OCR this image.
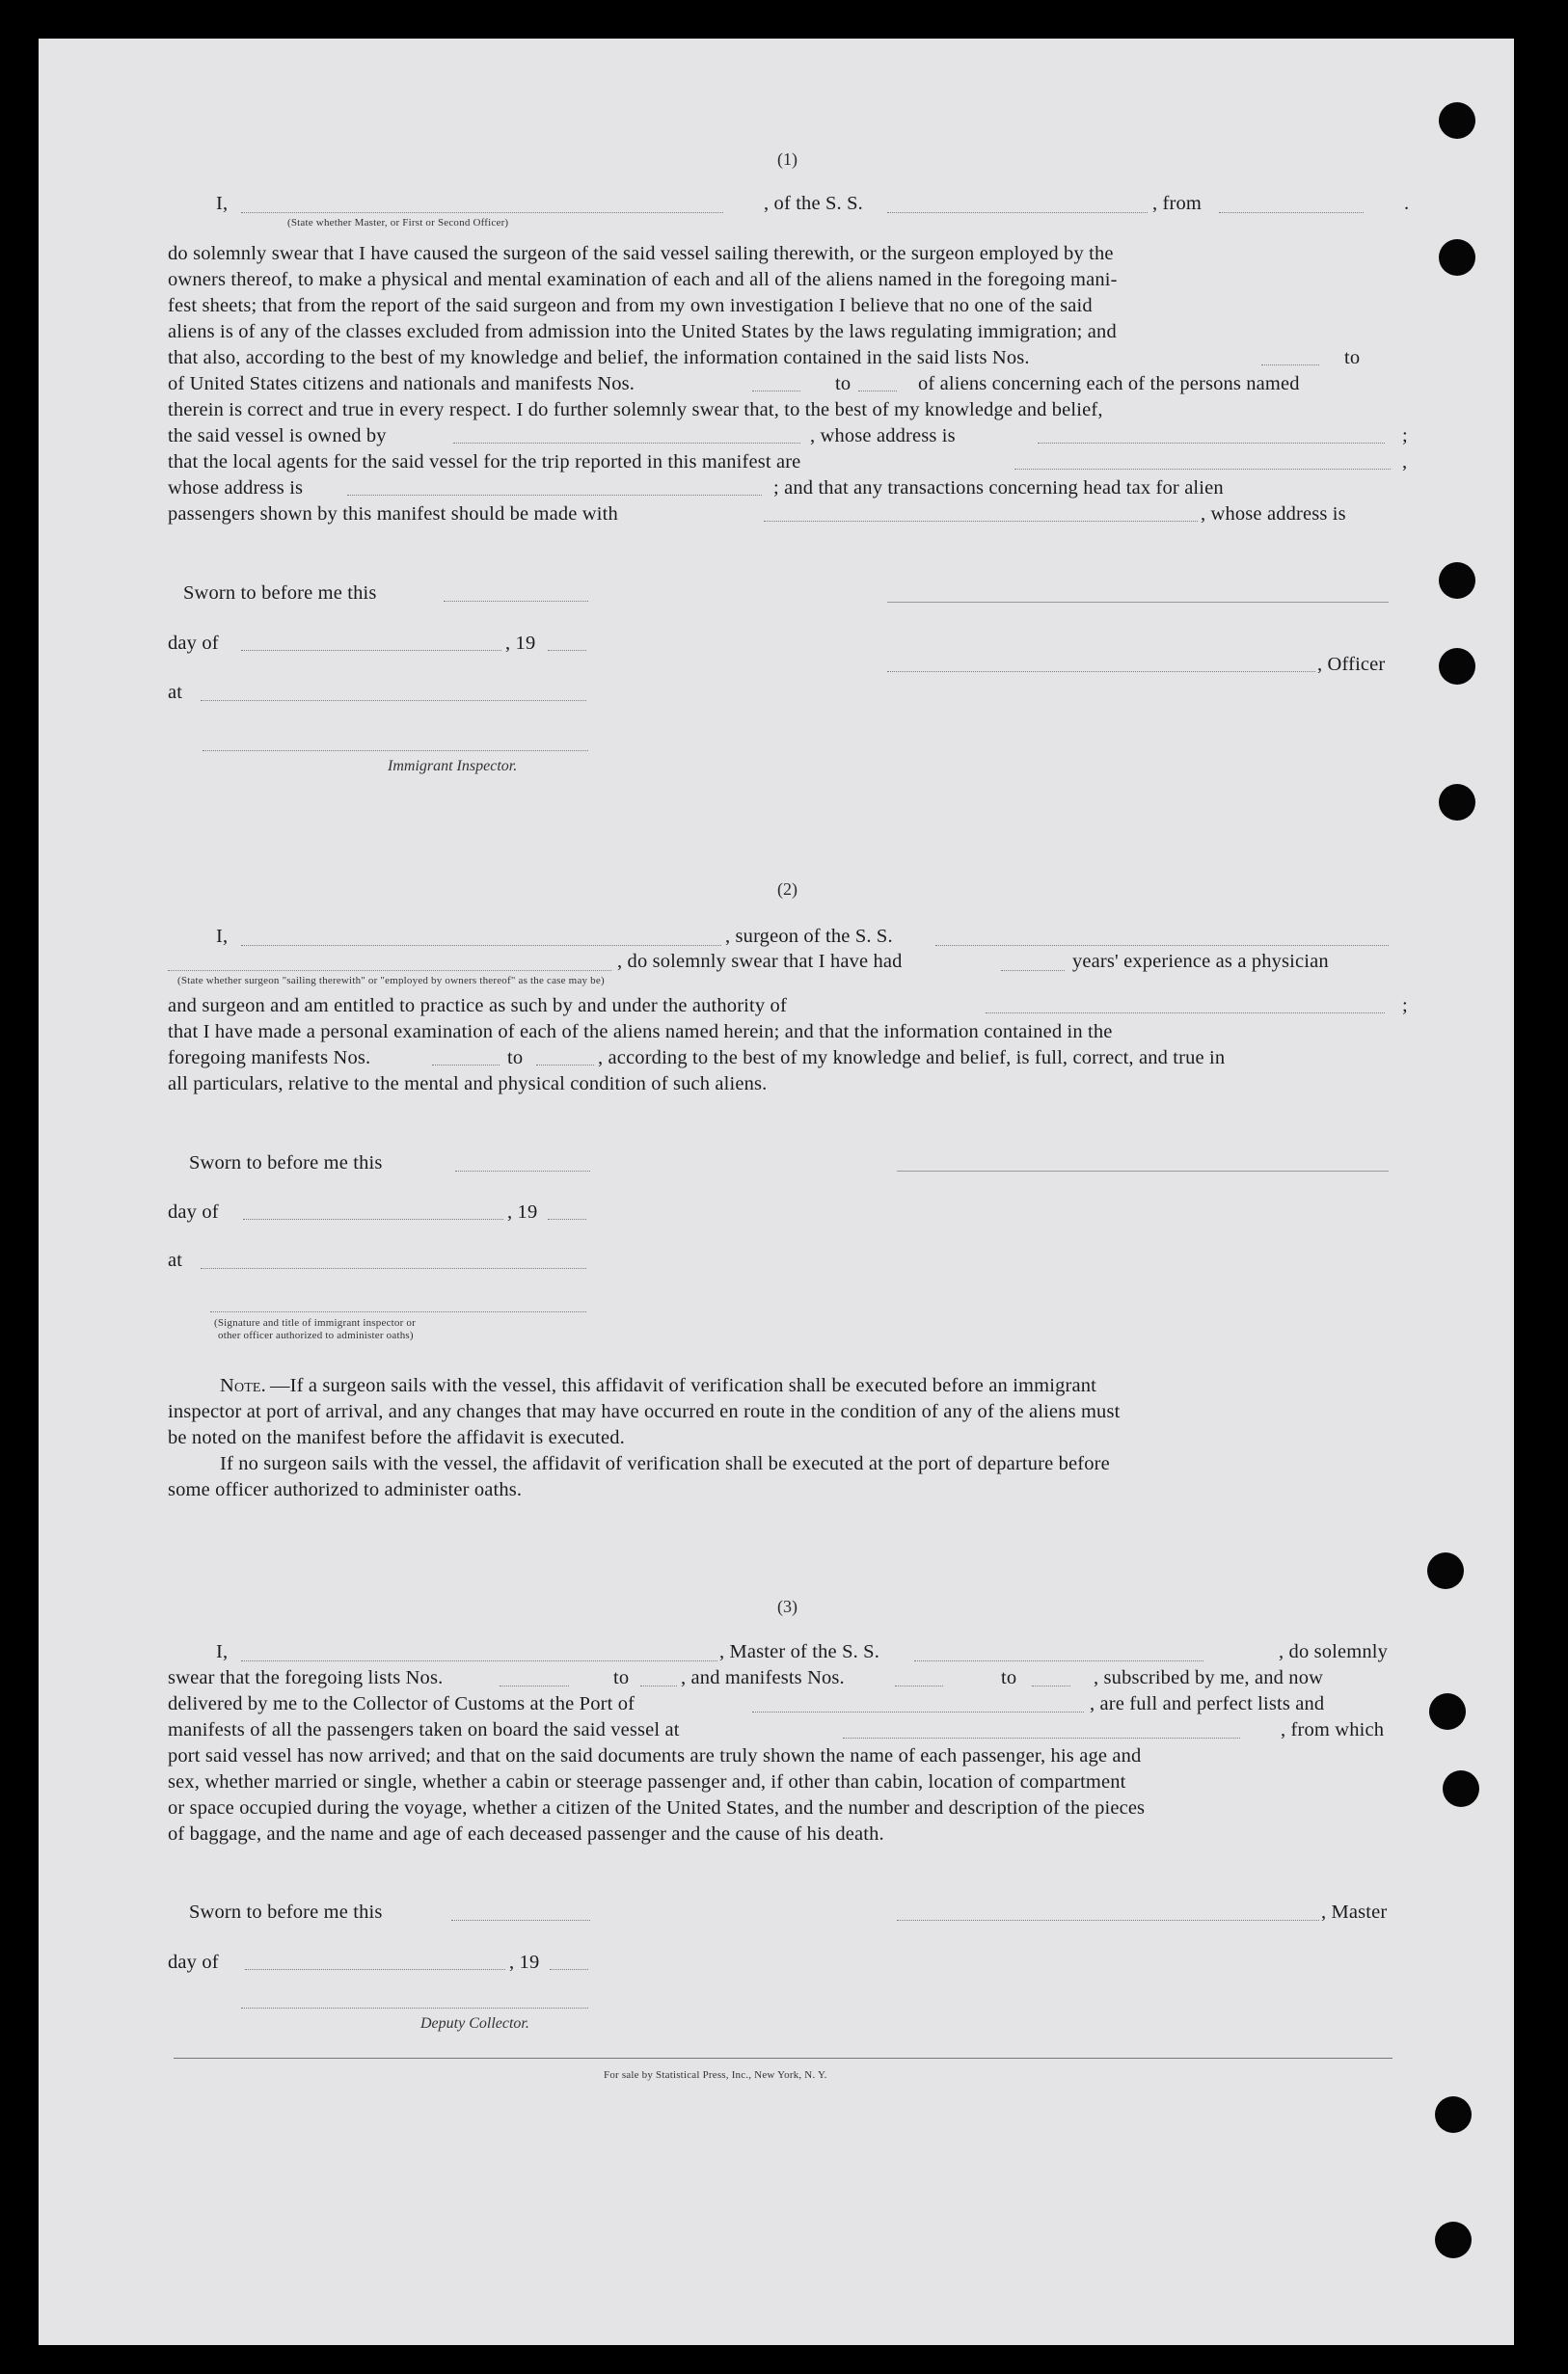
(1)
I,	, of the S. S.	, from	.
(State whether Master, or First or Second Officer)
do solemnly swear that I have caused the surgeon of the said vessel sailing therewith, or the surgeon employed by the
owners thereof, to make a physical and mental examination of each and all of the aliens named in the foregoing mani-
fest sheets; that from the report of the said surgeon and from my own investigation I believe that no one of the said
aliens is of any of the classes excluded from admission into the United States by the laws regulating immigration; and
that also, according to the best of my knowledge and belief, the information contained in the said lists Nos.	to
of United States citizens and nationals and manifests Nos.	to	of aliens concerning each of the persons named
therein is correct and true in every respect. I do further solemnly swear that, to the best of my knowledge and belief,
the said vessel is owned by	, whose address is	;
that the local agents for the said vessel for the trip reported in this manifest are	,
whose address is	; and that any transactions concerning head tax for alien
passengers shown by this manifest should be made with	, whose address is
Sworn to before me this
day of	, 19
, Officer
at
Immigrant Inspector.
(2)
I,	, surgeon of the S. S.
, do solemnly swear that I have had	years' experience as a physician
(State whether surgeon "sailing therewith" or "employed by owners thereof" as the case may be)
and surgeon and am entitled to practice as such by and under the authority of	;
that I have made a personal examination of each of the aliens named herein; and that the information contained in the
foregoing manifests Nos.	to	, according to the best of my knowledge and belief, is full, correct, and true in
all particulars, relative to the mental and physical condition of such aliens.
Sworn to before me this
day of	, 19
at
(Signature and title of immigrant inspector or
other officer authorized to administer oaths)
Note. —If a surgeon sails with the vessel, this affidavit of verification shall be executed before an immigrant
inspector at port of arrival, and any changes that may have occurred en route in the condition of any of the aliens must
be noted on the manifest before the affidavit is executed.
If no surgeon sails with the vessel, the affidavit of verification shall be executed at the port of departure before
some officer authorized to administer oaths.
(3)
I,	, Master of the S. S.	, do solemnly
swear that the foregoing lists Nos.	to	, and manifests Nos.	to	, subscribed by me, and now
delivered by me to the Collector of Customs at the Port of	, are full and perfect lists and
manifests of all the passengers taken on board the said vessel at	, from which
port said vessel has now arrived; and that on the said documents are truly shown the name of each passenger, his age and
sex, whether married or single, whether a cabin or steerage passenger and, if other than cabin, location of compartment
or space occupied during the voyage, whether a citizen of the United States, and the number and description of the pieces
of baggage, and the name and age of each deceased passenger and the cause of his death.
Sworn to before me this	, Master
day of	, 19
Deputy Collector.
For sale by Statistical Press, Inc., New York, N. Y.
